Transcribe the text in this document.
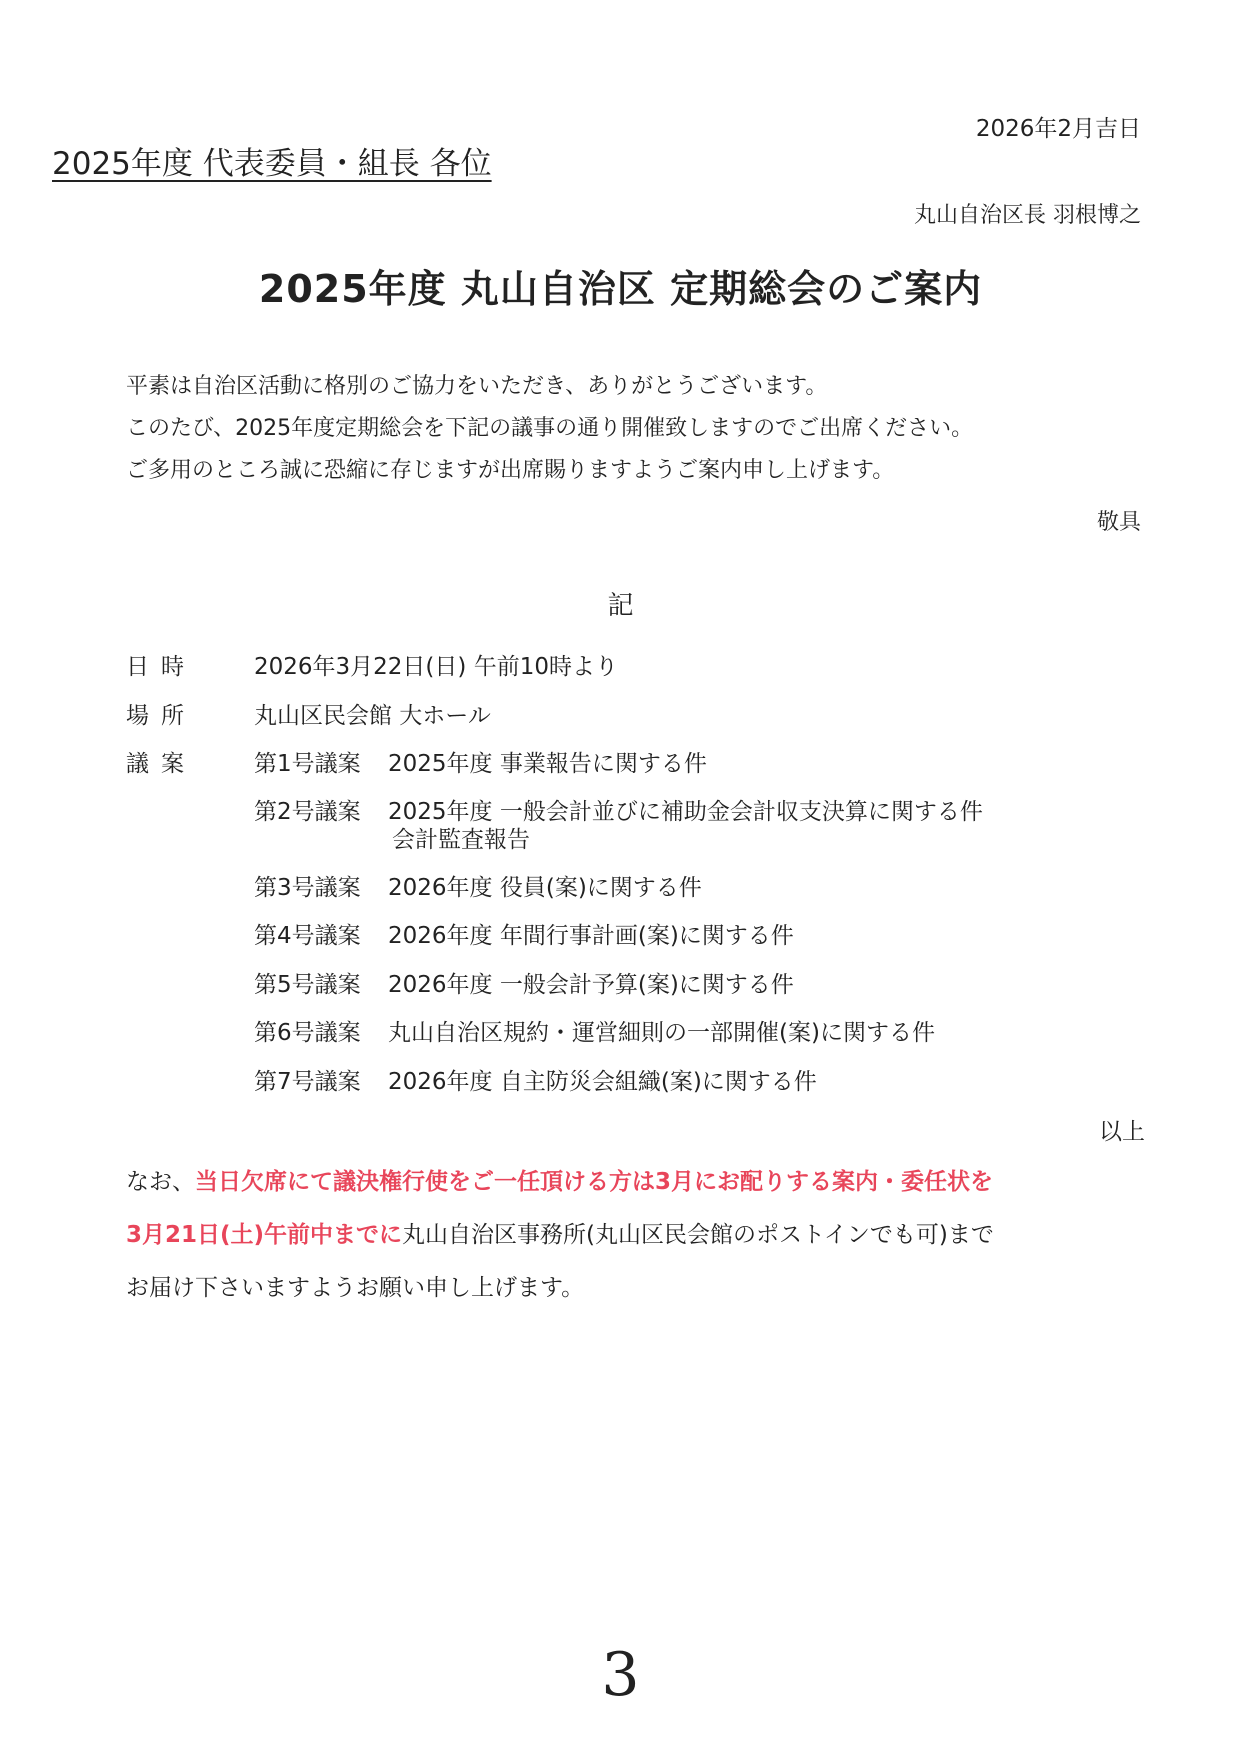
2026年2月吉日
2025年度 代表委員・組長 各位
丸山自治区長 羽根博之
2025年度 丸山自治区 定期総会のご案内
平素は自治区活動に格別のご協力をいただき、ありがとうございます。
このたび、2025年度定期総会を下記の議事の通り開催致しますのでご出席ください。
ご多用のところ誠に恐縮に存じますが出席賜りますようご案内申し上げます。
敬具
記
日時	2026年3月22日(日) 午前10時より
場所	丸山区民会館 大ホール
議案	第1号議案 2025年度 事業報告に関する件
第2号議案 2025年度 一般会計並びに補助金会計収支決算に関する件
会計監査報告
第3号議案 2026年度 役員(案)に関する件
第4号議案 2026年度 年間行事計画(案)に関する件
第5号議案 2026年度 一般会計予算(案)に関する件
第6号議案 丸山自治区規約・運営細則の一部開催(案)に関する件
第7号議案 2026年度 自主防災会組織(案)に関する件
以上
なお、当日欠席にて議決権行使をご一任頂ける方は3月にお配りする案内・委任状を
3月21日(土)午前中までに丸山自治区事務所(丸山区民会館のポストインでも可)まで
お届け下さいますようお願い申し上げます。
3
